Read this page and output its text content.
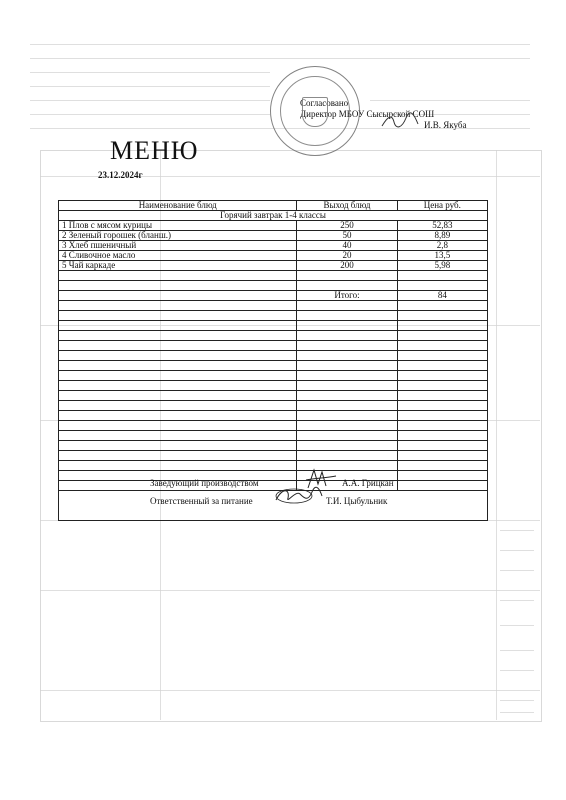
Согласовано
Директор МБОУ Сысырской СОШ
И.В. Якуба
МЕНЮ
23.12.2024г
Наименование блюд	Выход блюд	Цена руб.
Горячий завтрак 1-4 классы		
1 Плов с мясом курицы	250	52,83
2 Зеленый горошек (бланш.)	50	8,89
3 Хлеб пшеничный	40	2,8
4 Сливочное масло	20	13,5
5 Чай каркаде	200	5,98

	Итого:	84

Заведующий производством	А.А. Грицкан
Ответственный за питание	Т.И. Цыбульник
